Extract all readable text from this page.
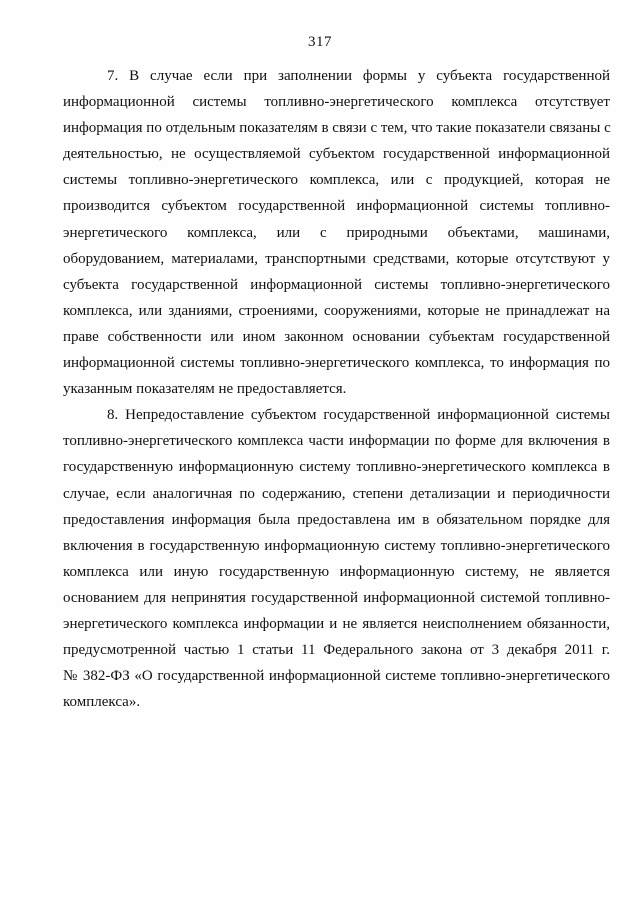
317

7. В случае если при заполнении формы у субъекта государственной
информационной системы топливно-энергетического комплекса отсутствует
информация по отдельным показателям в связи с тем, что такие показатели связаны с
деятельностью, не осуществляемой субъектом государственной информационной
системы топливно-энергетического комплекса, или с продукцией, которая не
производится субъектом государственной информационной системы топливно-
энергетического комплекса, или с природными объектами, машинами,
оборудованием, материалами, транспортными средствами, которые отсутствуют у
субъекта государственной информационной системы топливно-энергетического
комплекса, или зданиями, строениями, сооружениями, которые не принадлежат на
праве собственности или ином законном основании субъектам государственной
информационной системы топливно-энергетического комплекса, то информация по
указанным показателям не предоставляется.

8. Непредоставление субъектом государственной информационной системы
топливно-энергетического комплекса части информации по форме для включения в
государственную информационную систему топливно-энергетического комплекса в
случае, если аналогичная по содержанию, степени детализации и периодичности
предоставления информация была предоставлена им в обязательном порядке для
включения в государственную информационную систему топливно-энергетического
комплекса или иную государственную информационную систему, не является
основанием для непринятия государственной информационной системой топливно-
энергетического комплекса информации и не является неисполнением обязанности,
предусмотренной частью 1 статьи 11 Федерального закона от 3 декабря 2011 г.
№ 382-ФЗ «О государственной информационной системе топливно-энергетического
комплекса».
